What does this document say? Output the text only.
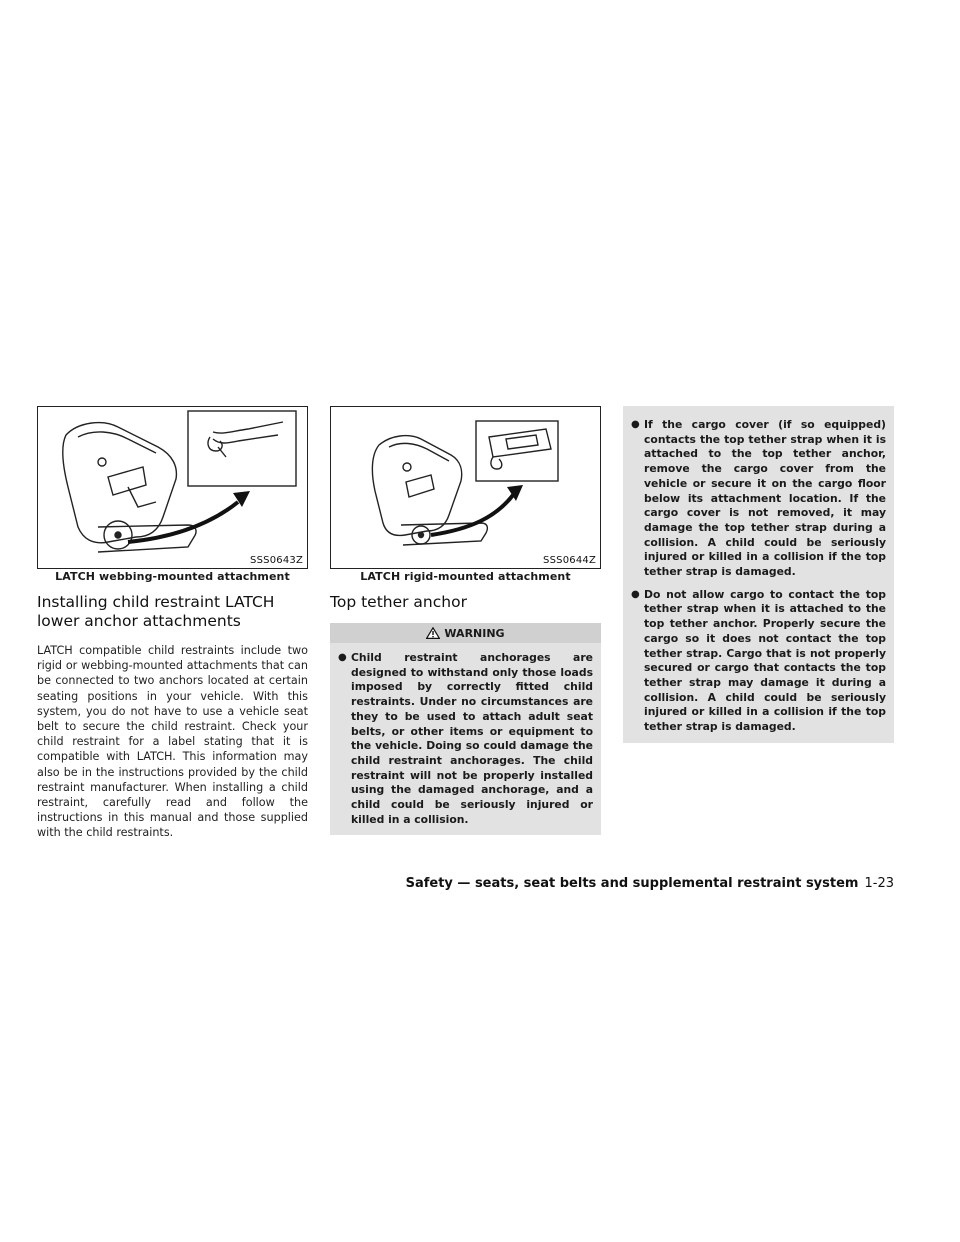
SSS0643Z
LATCH webbing-mounted attachment
Installing child restraint LATCH lower anchor attachments

LATCH compatible child restraints include two rigid or webbing-mounted attachments that can be connected to two anchors located at certain seating positions in your vehicle. With this system, you do not have to use a vehicle seat belt to secure the child restraint. Check your child restraint for a label stating that it is compatible with LATCH. This information may also be in the instructions provided by the child restraint manufacturer. When installing a child restraint, carefully read and follow the instructions in this manual and those supplied with the child restraints.

SSS0644Z
LATCH rigid-mounted attachment
Top tether anchor
WARNING
● Child restraint anchorages are designed to withstand only those loads imposed by correctly fitted child restraints. Under no circumstances are they to be used to attach adult seat belts, or other items or equipment to the vehicle. Doing so could damage the child restraint anchorages. The child restraint will not be properly installed using the damaged anchorage, and a child could be seriously injured or killed in a collision.
● If the cargo cover (if so equipped) contacts the top tether strap when it is attached to the top tether anchor, remove the cargo cover from the vehicle or secure it on the cargo floor below its attachment location. If the cargo cover is not removed, it may damage the top tether strap during a collision. A child could be seriously injured or killed in a collision if the top tether strap is damaged.
● Do not allow cargo to contact the top tether strap when it is attached to the top tether anchor. Properly secure the cargo so it does not contact the top tether strap. Cargo that is not properly secured or cargo that contacts the top tether strap may damage it during a collision. A child could be seriously injured or killed in a collision if the top tether strap is damaged.
Safety — seats, seat belts and supplemental restraint system 1-23
